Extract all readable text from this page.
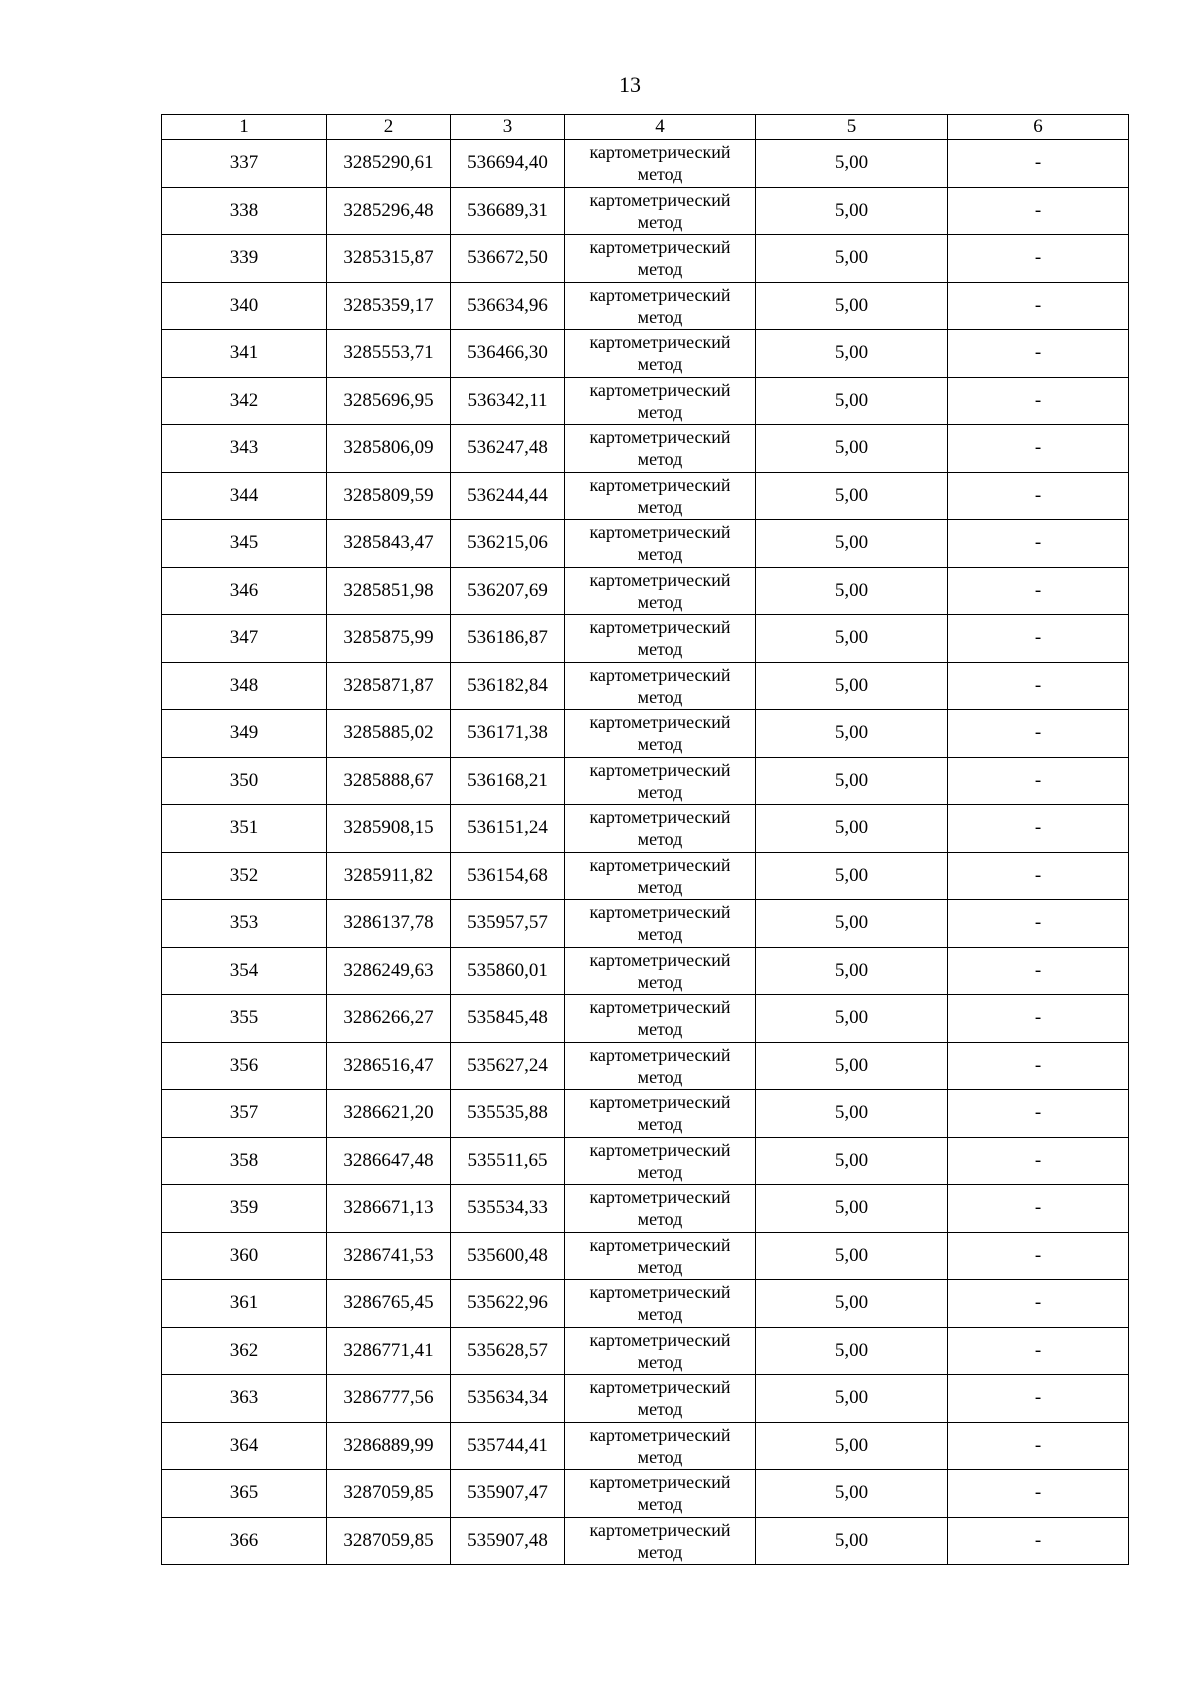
13
1	2	3	4	5	6
337	3285290,61	536694,40	картометрический метод	5,00	-
338	3285296,48	536689,31	картометрический метод	5,00	-
339	3285315,87	536672,50	картометрический метод	5,00	-
340	3285359,17	536634,96	картометрический метод	5,00	-
341	3285553,71	536466,30	картометрический метод	5,00	-
342	3285696,95	536342,11	картометрический метод	5,00	-
343	3285806,09	536247,48	картометрический метод	5,00	-
344	3285809,59	536244,44	картометрический метод	5,00	-
345	3285843,47	536215,06	картометрический метод	5,00	-
346	3285851,98	536207,69	картометрический метод	5,00	-
347	3285875,99	536186,87	картометрический метод	5,00	-
348	3285871,87	536182,84	картометрический метод	5,00	-
349	3285885,02	536171,38	картометрический метод	5,00	-
350	3285888,67	536168,21	картометрический метод	5,00	-
351	3285908,15	536151,24	картометрический метод	5,00	-
352	3285911,82	536154,68	картометрический метод	5,00	-
353	3286137,78	535957,57	картометрический метод	5,00	-
354	3286249,63	535860,01	картометрический метод	5,00	-
355	3286266,27	535845,48	картометрический метод	5,00	-
356	3286516,47	535627,24	картометрический метод	5,00	-
357	3286621,20	535535,88	картометрический метод	5,00	-
358	3286647,48	535511,65	картометрический метод	5,00	-
359	3286671,13	535534,33	картометрический метод	5,00	-
360	3286741,53	535600,48	картометрический метод	5,00	-
361	3286765,45	535622,96	картометрический метод	5,00	-
362	3286771,41	535628,57	картометрический метод	5,00	-
363	3286777,56	535634,34	картометрический метод	5,00	-
364	3286889,99	535744,41	картометрический метод	5,00	-
365	3287059,85	535907,47	картометрический метод	5,00	-
366	3287059,85	535907,48	картометрический метод	5,00	-
